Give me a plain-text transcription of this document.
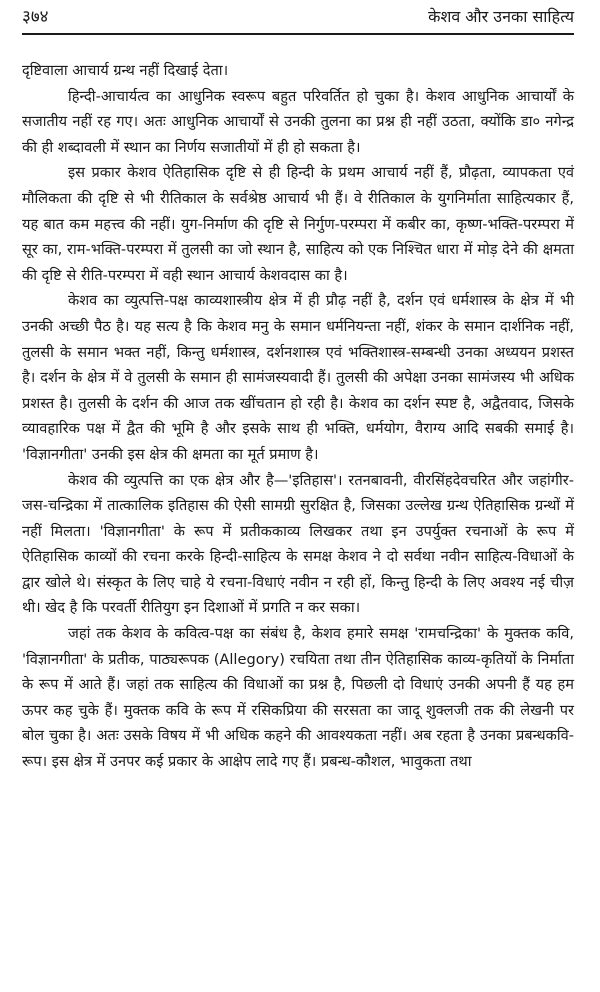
३७४	केशव और उनका साहित्य

दृष्टिवाला आचार्य ग्रन्थ नहीं दिखाई देता।

हिन्दी-आचार्यत्व का आधुनिक स्वरूप बहुत परिवर्तित हो चुका है। केशव आधुनिक आचार्यों के सजातीय नहीं रह गए। अतः आधुनिक आचार्यों से उनकी तुलना का प्रश्न ही नहीं उठता, क्योंकि डा० नगेन्द्र की ही शब्दावली में स्थान का निर्णय सजातीयों में ही हो सकता है।

इस प्रकार केशव ऐतिहासिक दृष्टि से ही हिन्दी के प्रथम आचार्य नहीं हैं, प्रौढ़ता, व्यापकता एवं मौलिकता की दृष्टि से भी रीतिकाल के सर्वश्रेष्ठ आचार्य भी हैं। वे रीतिकाल के युगनिर्माता साहित्यकार हैं, यह बात कम महत्त्व की नहीं। युग-निर्माण की दृष्टि से निर्गुण-परम्परा में कबीर का, कृष्ण-भक्ति-परम्परा में सूर का, राम-भक्ति-परम्परा में तुलसी का जो स्थान है, साहित्य को एक निश्चित धारा में मोड़ देने की क्षमता की दृष्टि से रीति-परम्परा में वही स्थान आचार्य केशवदास का है।

केशव का व्युत्पत्ति-पक्ष काव्यशास्त्रीय क्षेत्र में ही प्रौढ़ नहीं है, दर्शन एवं धर्मशास्त्र के क्षेत्र में भी उनकी अच्छी पैठ है। यह सत्य है कि केशव मनु के समान धर्मनियन्ता नहीं, शंकर के समान दार्शनिक नहीं, तुलसी के समान भक्त नहीं, किन्तु धर्मशास्त्र, दर्शनशास्त्र एवं भक्तिशास्त्र-सम्बन्धी उनका अध्ययन प्रशस्त है। दर्शन के क्षेत्र में वे तुलसी के समान ही सामंजस्यवादी हैं। तुलसी की अपेक्षा उनका सामंजस्य भी अधिक प्रशस्त है। तुलसी के दर्शन की आज तक खींचतान हो रही है। केशव का दर्शन स्पष्ट है, अद्वैतवाद, जिसके व्यावहारिक पक्ष में द्वैत की भूमि है और इसके साथ ही भक्ति, धर्मयोग, वैराग्य आदि सबकी समाई है। 'विज्ञानगीता' उनकी इस क्षेत्र की क्षमता का मूर्त प्रमाण है।

केशव की व्युत्पत्ति का एक क्षेत्र और है—'इतिहास'। रतनबावनी, वीरसिंहदेवचरित और जहांगीर-जस-चन्द्रिका में तात्कालिक इतिहास की ऐसी सामग्री सुरक्षित है, जिसका उल्लेख ग्रन्थ ऐतिहासिक ग्रन्थों में नहीं मिलता। 'विज्ञानगीता' के रूप में प्रतीककाव्य लिखकर तथा इन उपर्युक्त रचनाओं के रूप में ऐतिहासिक काव्यों की रचना करके हिन्दी-साहित्य के समक्ष केशव ने दो सर्वथा नवीन साहित्य-विधाओं के द्वार खोले थे। संस्कृत के लिए चाहे ये रचना-विधाएं नवीन न रही हों, किन्तु हिन्दी के लिए अवश्य नई चीज़ थी। खेद है कि परवर्ती रीतियुग इन दिशाओं में प्रगति न कर सका।

जहां तक केशव के कवित्व-पक्ष का संबंध है, केशव हमारे समक्ष 'रामचन्द्रिका' के मुक्तक कवि, 'विज्ञानगीता' के प्रतीक, पाठ्यरूपक (Allegory) रचयिता तथा तीन ऐतिहासिक काव्य-कृतियों के निर्माता के रूप में आते हैं। जहां तक साहित्य की विधाओं का प्रश्न है, पिछली दो विधाएं उनकी अपनी हैं यह हम ऊपर कह चुके हैं। मुक्तक कवि के रूप में रसिकप्रिया की सरसता का जादू शुक्लजी तक की लेखनी पर बोल चुका है। अतः उसके विषय में भी अधिक कहने की आवश्यकता नहीं। अब रहता है उनका प्रबन्धकवि-रूप। इस क्षेत्र में उनपर कई प्रकार के आक्षेप लादे गए हैं। प्रबन्ध-कौशल, भावुकता तथा
